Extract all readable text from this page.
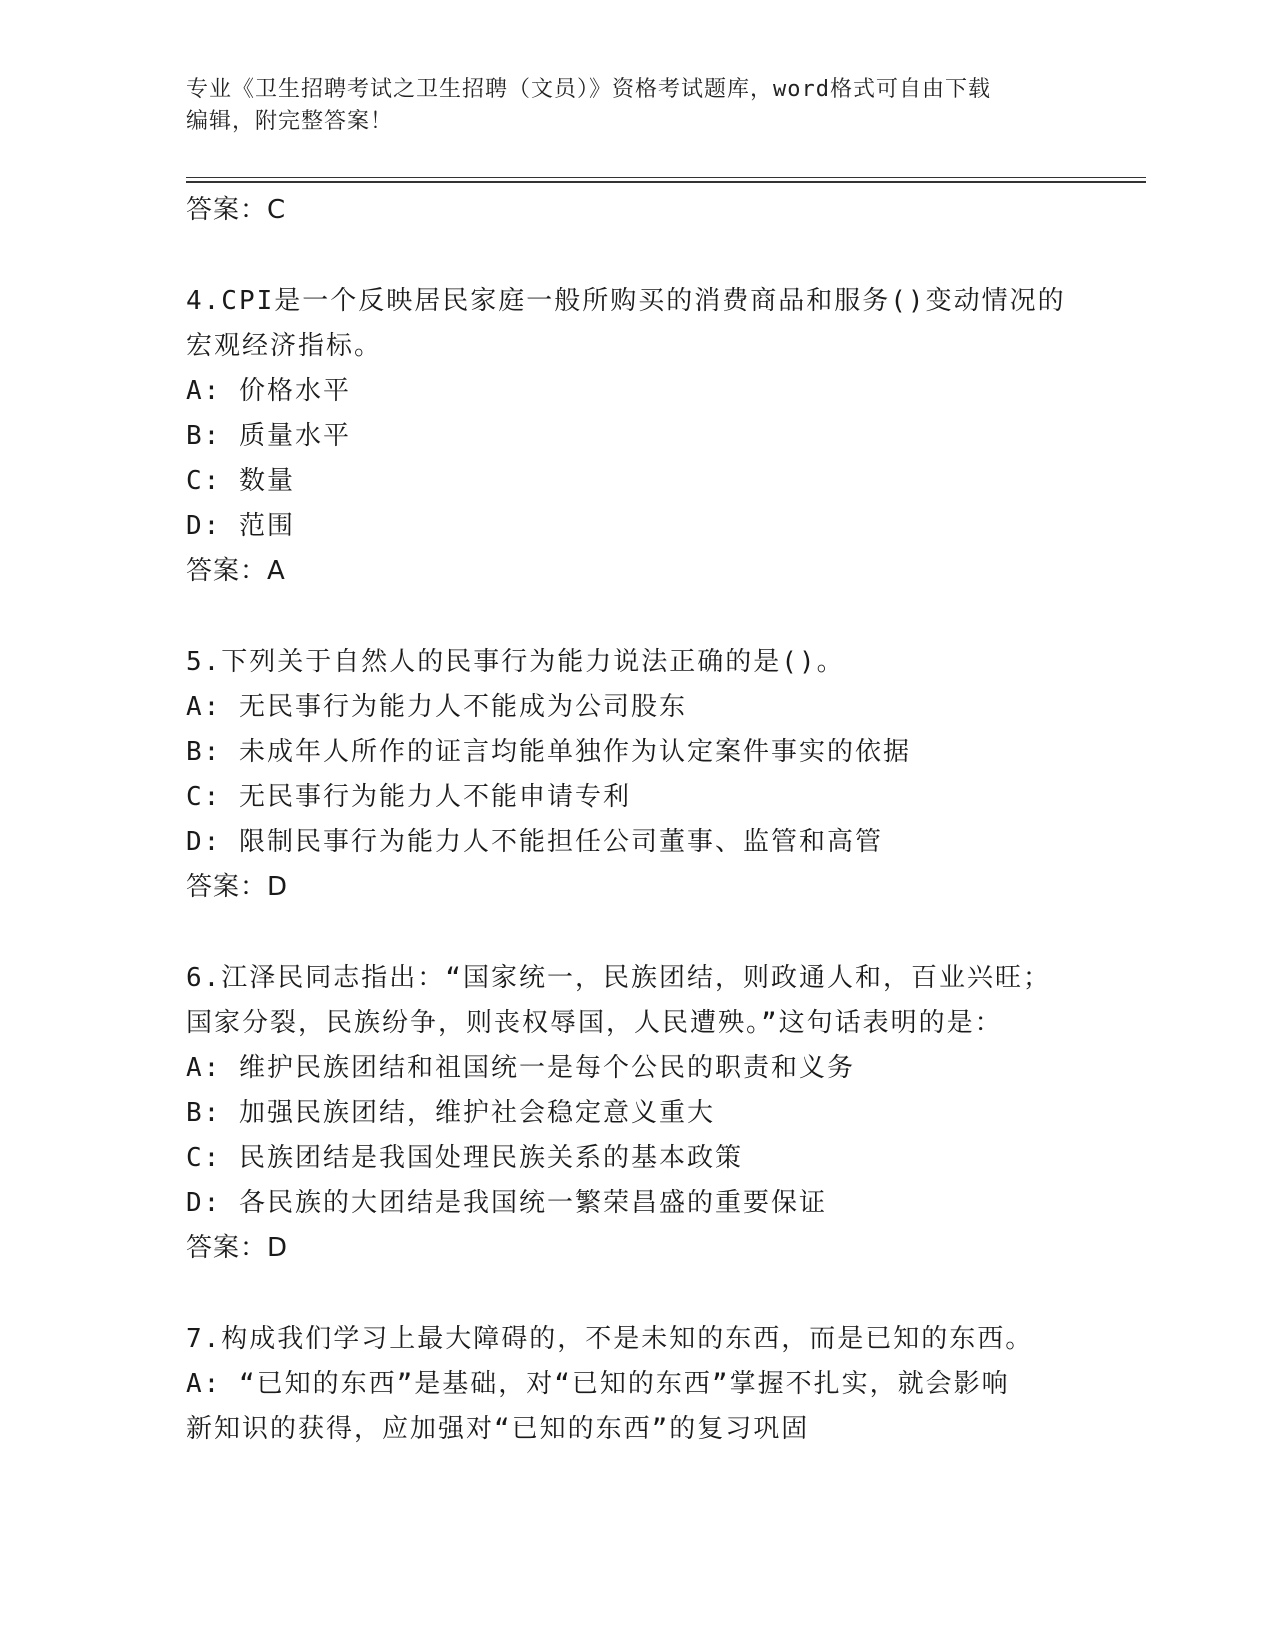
专业《卫生招聘考试之卫生招聘（文员）》资格考试题库，word格式可自由下载
编辑，附完整答案！
答案：C
4.CPI是一个反映居民家庭一般所购买的消费商品和服务()变动情况的
宏观经济指标。
A: 价格水平
B: 质量水平
C: 数量
D: 范围
答案：A
5.下列关于自然人的民事行为能力说法正确的是()。
A: 无民事行为能力人不能成为公司股东
B: 未成年人所作的证言均能单独作为认定案件事实的依据
C: 无民事行为能力人不能申请专利
D: 限制民事行为能力人不能担任公司董事、监管和高管
答案：D
6.江泽民同志指出：“国家统一，民族团结，则政通人和，百业兴旺；
国家分裂，民族纷争，则丧权辱国，人民遭殃。”这句话表明的是：
A: 维护民族团结和祖国统一是每个公民的职责和义务
B: 加强民族团结，维护社会稳定意义重大
C: 民族团结是我国处理民族关系的基本政策
D: 各民族的大团结是我国统一繁荣昌盛的重要保证
答案：D
7.构成我们学习上最大障碍的，不是未知的东西，而是已知的东西。
A: “已知的东西”是基础，对“已知的东西”掌握不扎实，就会影响
新知识的获得，应加强对“已知的东西”的复习巩固
